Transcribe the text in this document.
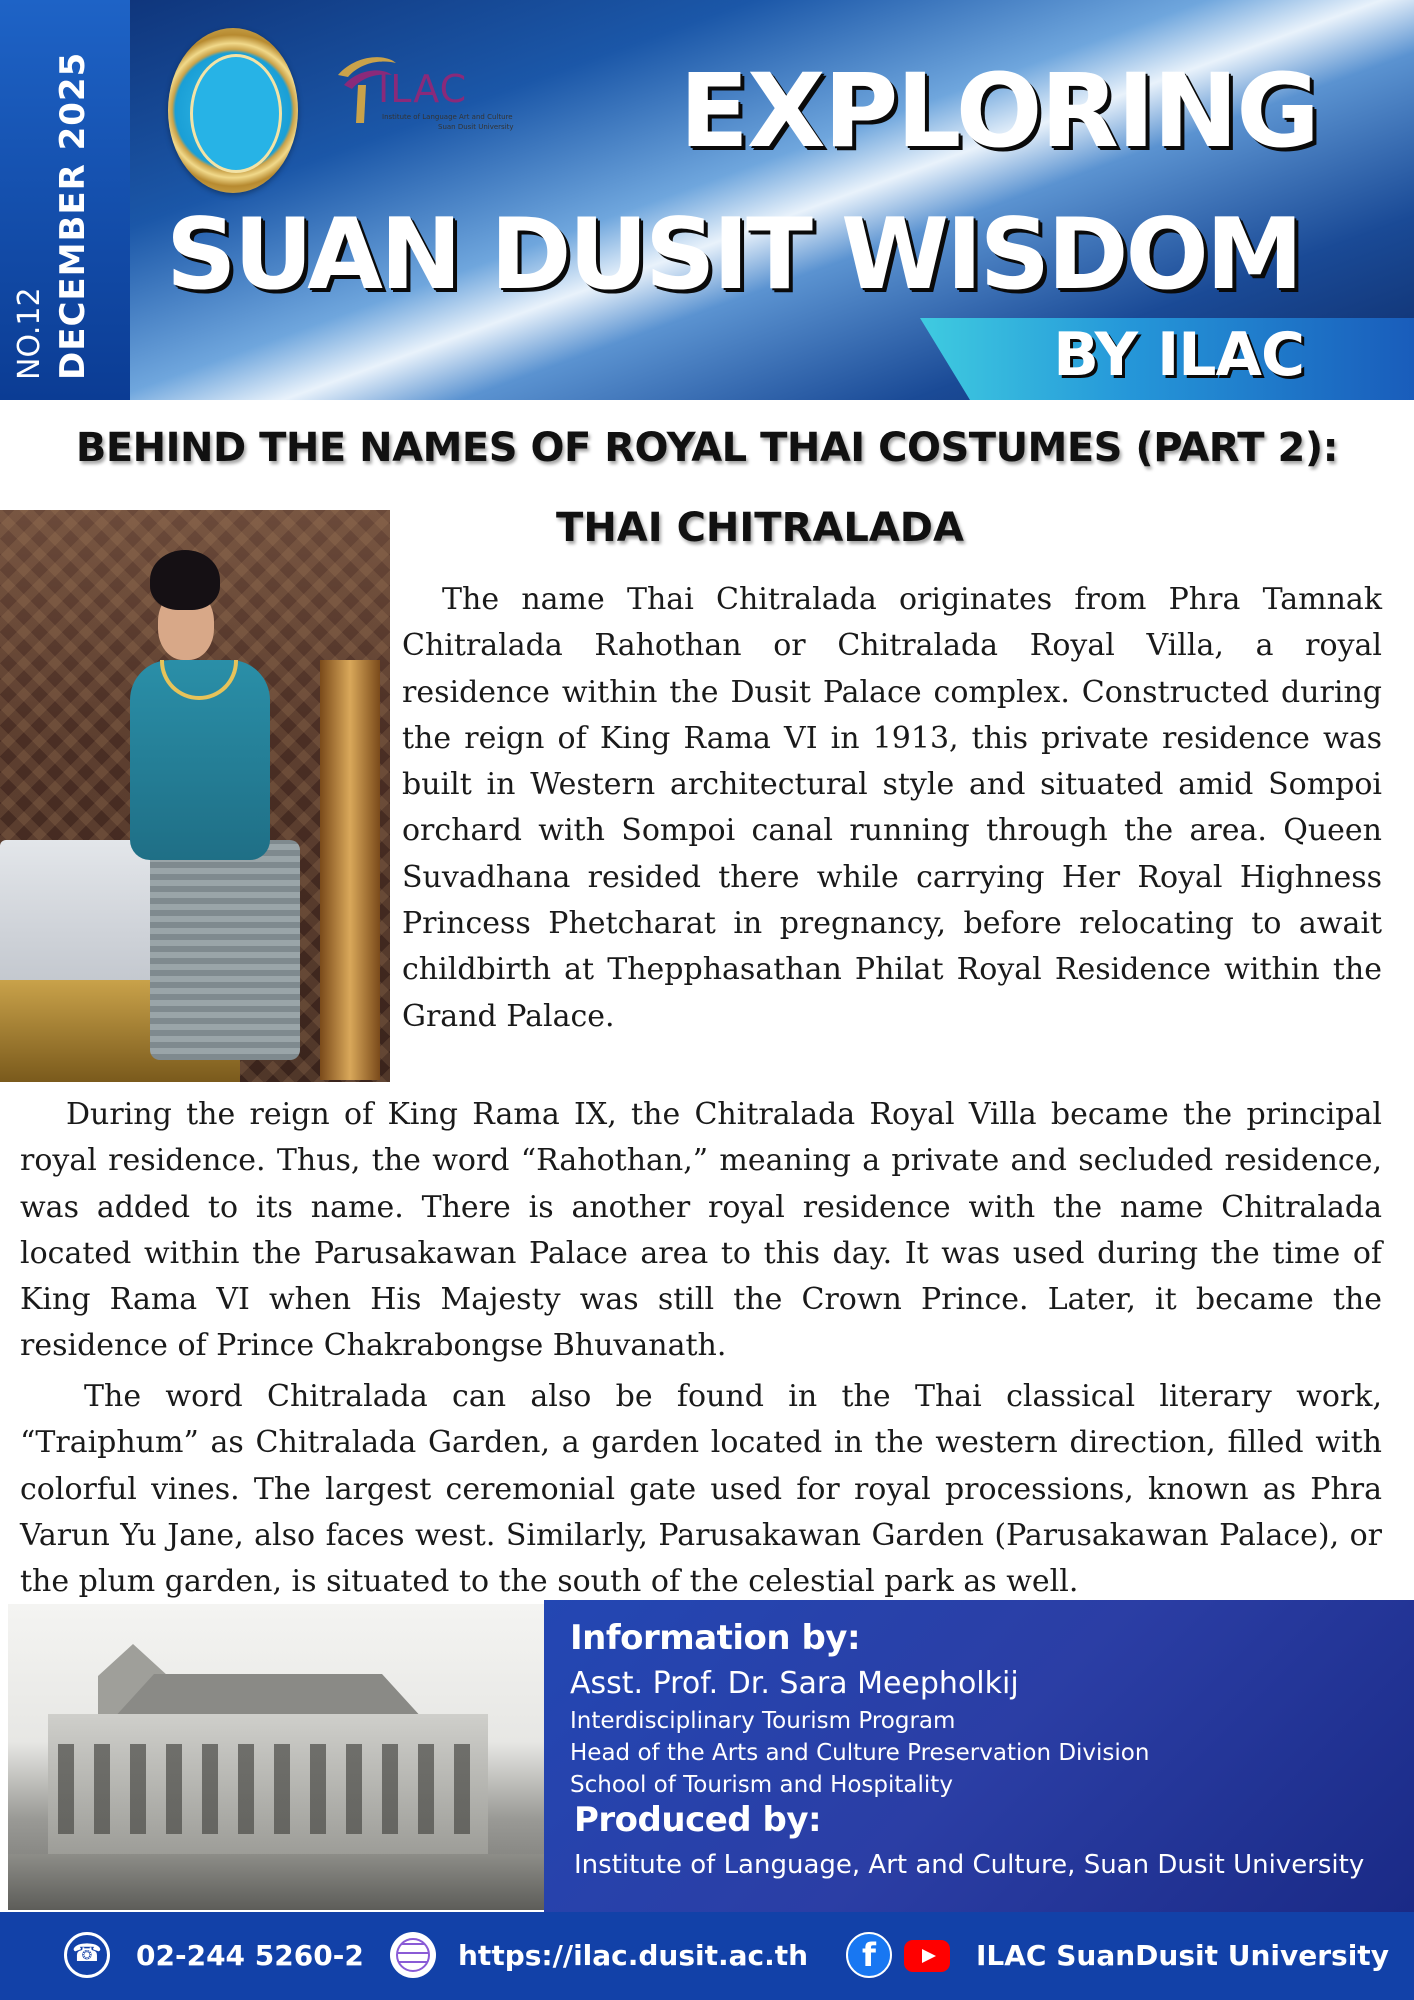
NO.12 DECEMBER 2025	ILAC
Institute of Language Art and Culture
Suan Dusit University EXPLORING
SUAN DUSIT WISDOM
BY ILAC
BEHIND THE NAMES OF ROYAL THAI COSTUMES (PART 2):
THAI CHITRALADA

The name Thai Chitralada originates from Phra Tamnak Chitralada Rahothan or Chitralada Royal Villa, a royal residence within the Dusit Palace complex. Constructed during the reign of King Rama VI in 1913, this private residence was built in Western architectural style and situated amid Sompoi orchard with Sompoi canal running through the area. Queen Suvadhana resided there while carrying Her Royal Highness Princess Phetcharat in pregnancy, before relocating to await childbirth at Thepphasathan Philat Royal Residence within the Grand Palace.

During the reign of King Rama IX, the Chitralada Royal Villa became the principal royal residence. Thus, the word “Rahothan,” meaning a private and secluded residence, was added to its name. There is another royal residence with the name Chitralada located within the Parusakawan Palace area to this day. It was used during the time of King Rama VI when His Majesty was still the Crown Prince. Later, it became the residence of Prince Chakrabongse Bhuvanath.

The word Chitralada can also be found in the Thai classical literary work, “Traiphum” as Chitralada Garden, a garden located in the western direction, filled with colorful vines. The largest ceremonial gate used for royal processions, known as Phra Varun Yu Jane, also faces west. Similarly, Parusakawan Garden (Parusakawan Palace), or the plum garden, is situated to the south of the celestial park as well.

Information by:
Asst. Prof. Dr. Sara Meepholkij
Interdisciplinary Tourism Program
Head of the Arts and Culture Preservation Division
School of Tourism and Hospitality
Produced by:
Institute of Language, Art and Culture, Suan Dusit University
☎
02-244 5260-2	https://ilac.dusit.ac.th
f	ILAC SuanDusit University
